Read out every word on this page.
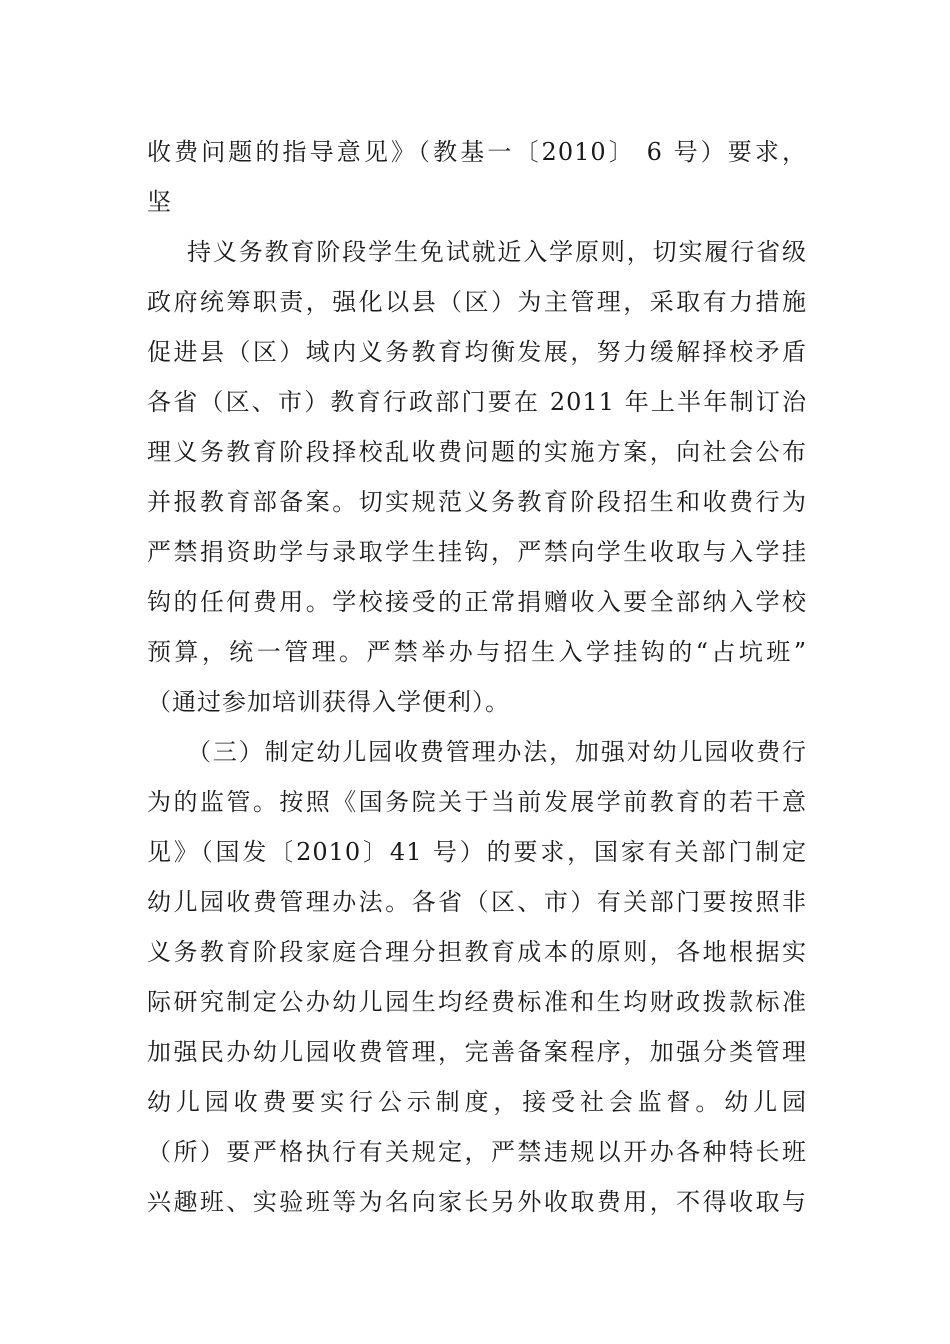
收费问题的指导意见》（教基一〔2010〕 6 号）要求，
坚
持义务教育阶段学生免试就近入学原则，切实履行省级
政府统筹职责，强化以县（区）为主管理，采取有力措施
促进县（区）域内义务教育均衡发展，努力缓解择校矛盾
各省（区、市）教育行政部门要在 2011 年上半年制订治
理义务教育阶段择校乱收费问题的实施方案，向社会公布
并报教育部备案。切实规范义务教育阶段招生和收费行为
严禁捐资助学与录取学生挂钩，严禁向学生收取与入学挂
钩的任何费用。学校接受的正常捐赠收入要全部纳入学校
预算，统一管理。严禁举办与招生入学挂钩的“占坑班”
（通过参加培训获得入学便利）。
（三）制定幼儿园收费管理办法，加强对幼儿园收费行
为的监管。按照《国务院关于当前发展学前教育的若干意
见》（国发〔2010〕41 号）的要求，国家有关部门制定
幼儿园收费管理办法。各省（区、市）有关部门要按照非
义务教育阶段家庭合理分担教育成本的原则，各地根据实
际研究制定公办幼儿园生均经费标准和生均财政拨款标准
加强民办幼儿园收费管理，完善备案程序，加强分类管理
幼儿园收费要实行公示制度，接受社会监督。幼儿园
（所）要严格执行有关规定，严禁违规以开办各种特长班
兴趣班、实验班等为名向家长另外收取费用，不得收取与
